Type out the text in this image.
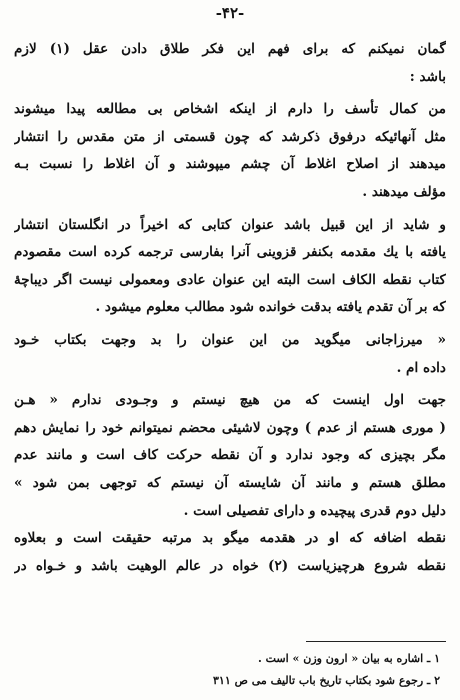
-۴۲-
گمان نمیکنم که برای فهم این فکر طلاق دادن عقل (۱) لازم
باشد :
من کمال تأسف را دارم از اینکه اشخاص بی مطالعه پیدا میشوند
مثل آنهائیکه درفوق ذکرشد که چون قسمتی از متن مقدس را انتشار
میدهند از اصلاح اغلاط آن چشم میپوشند و آن اغلاط را نسبت بـه
مؤلف میدهند .
و شاید از این قبیل باشد عنوان کتابی که اخیراً در انگلستان انتشار
یافته با یك مقدمه بکنفر قزوینی آنرا بفارسی ترجمه کرده است مقصودم
کتاب نقطه الکاف است البته این عنوان عادی ومعمولی نیست اگر دیباچهٔ
که بر آن تقدم یافته بدقت خوانده شود مطالب معلوم میشود .
« میرزاجانی میگوید من این عنوان را بد وجهت بکتاب خـود
داده ام .
جهت اول اینست که من هیچ نیستم و وجـودی ندارم « هـن
( موری هستم از عدم ) وچون لاشیئی محضم نمیتوانم خود را نمایش دهم
مگر بچیزی که وجود ندارد و آن نقطه حرکت کاف است و مانند عدم
مطلق هستم و مانند آن شایسته آن نیستم که توجهی بمن شود »
دلیل دوم قدری پیچیده و دارای تفصیلی است .
نقطه اضافه که او در هقدمه میگو بد مرتبه حقیقت است و بعلاوه
نقطه شروع هرچیزیاست (۲) خواه در عالم الوهیت باشد و خـواه در
۱ ـ اشاره به بیان « ارون وزن » است .
۲ ـ رجوع شود بکتاب تاریخ باب تالیف می ص ۳۱۱
